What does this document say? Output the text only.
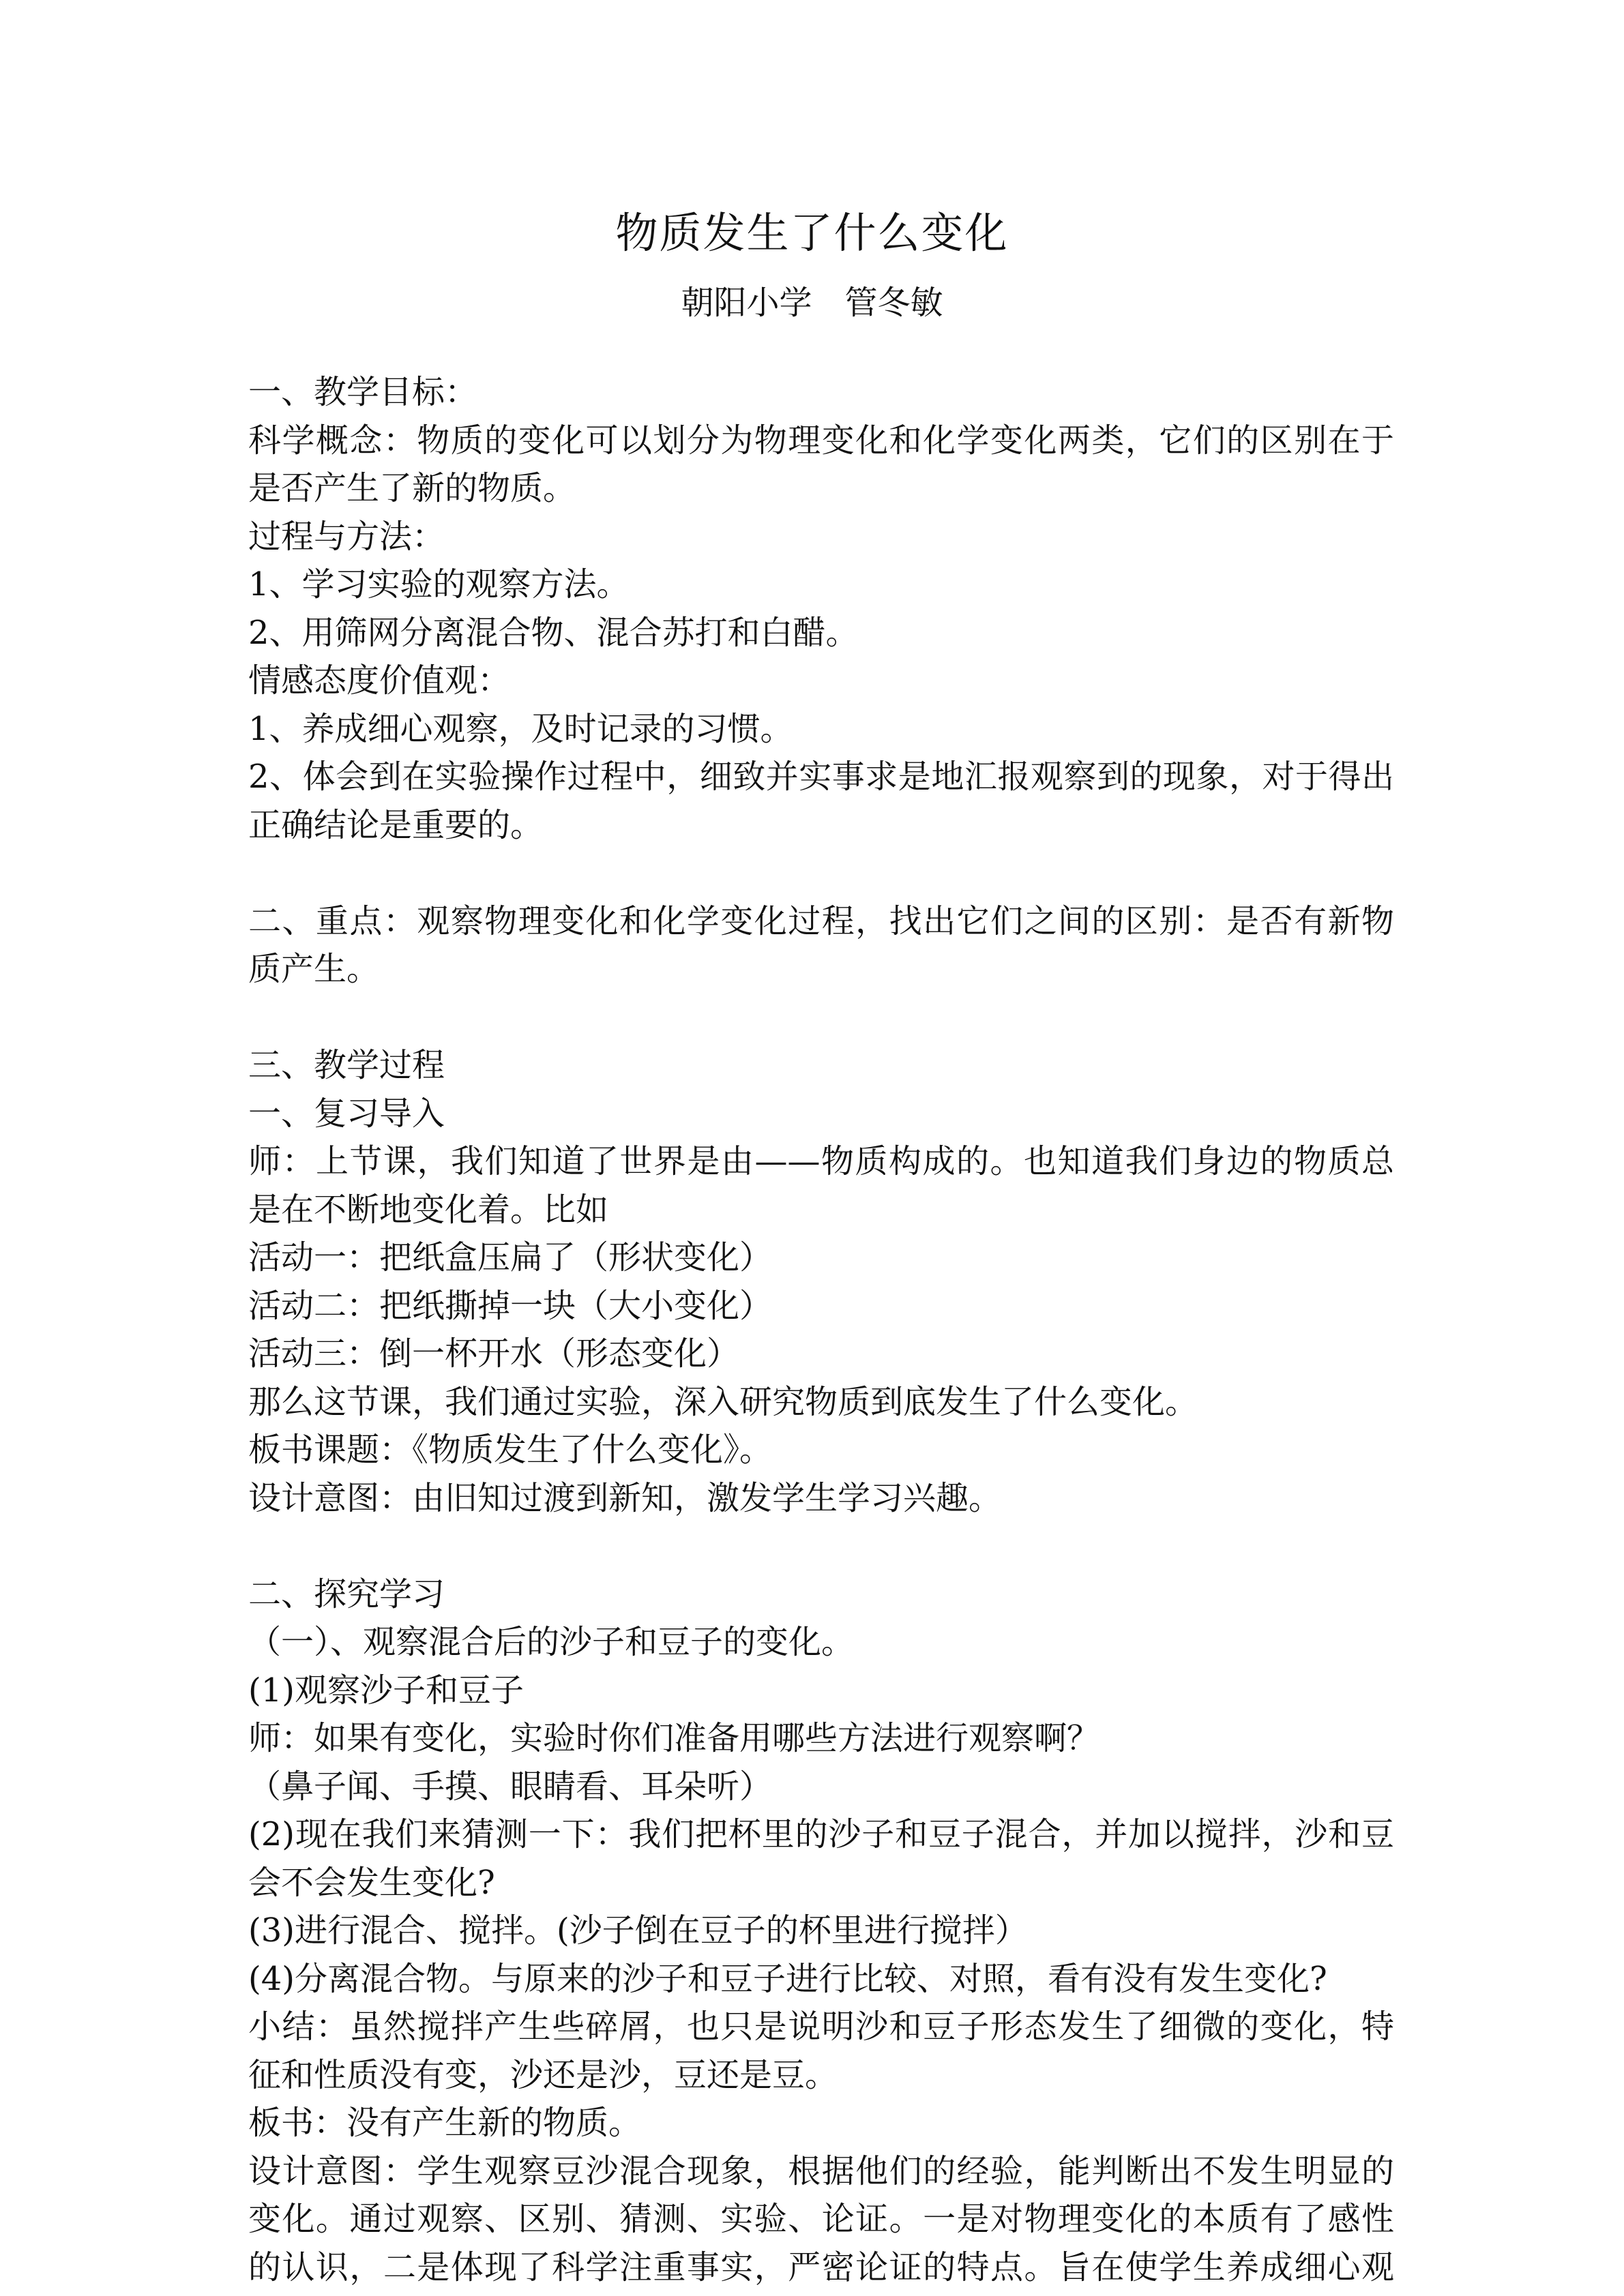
物质发生了什么变化
朝阳小学　管冬敏
一、教学目标：
科学概念：物质的变化可以划分为物理变化和化学变化两类，它们的区别在于
是否产生了新的物质。
过程与方法：
1、学习实验的观察方法。
2、用筛网分离混合物、混合苏打和白醋。
情感态度价值观：
1、养成细心观察，及时记录的习惯。
2、体会到在实验操作过程中，细致并实事求是地汇报观察到的现象，对于得出
正确结论是重要的。
二、重点：观察物理变化和化学变化过程，找出它们之间的区别：是否有新物
质产生。
三、教学过程
一、复习导入
师：上节课，我们知道了世界是由——物质构成的。也知道我们身边的物质总
是在不断地变化着。比如
活动一：把纸盒压扁了（形状变化）
活动二：把纸撕掉一块（大小变化）
活动三：倒一杯开水（形态变化）
那么这节课，我们通过实验，深入研究物质到底发生了什么变化。
板书课题：《物质发生了什么变化》。
设计意图：由旧知过渡到新知，激发学生学习兴趣。
二、探究学习
（一）、观察混合后的沙子和豆子的变化。
(1)观察沙子和豆子
师：如果有变化，实验时你们准备用哪些方法进行观察啊？
（鼻子闻、手摸、眼睛看、耳朵听）
(2)现在我们来猜测一下：我们把杯里的沙子和豆子混合，并加以搅拌，沙和豆
会不会发生变化?
(3)进行混合、搅拌。(沙子倒在豆子的杯里进行搅拌）
(4)分离混合物。与原来的沙子和豆子进行比较、对照，看有没有发生变化?
小结：虽然搅拌产生些碎屑，也只是说明沙和豆子形态发生了细微的变化，特
征和性质没有变，沙还是沙，豆还是豆。
板书：没有产生新的物质。
设计意图：学生观察豆沙混合现象，根据他们的经验，能判断出不发生明显的
变化。通过观察、区别、猜测、实验、论证。一是对物理变化的本质有了感性
的认识，二是体现了科学注重事实，严密论证的特点。旨在使学生养成细心观
